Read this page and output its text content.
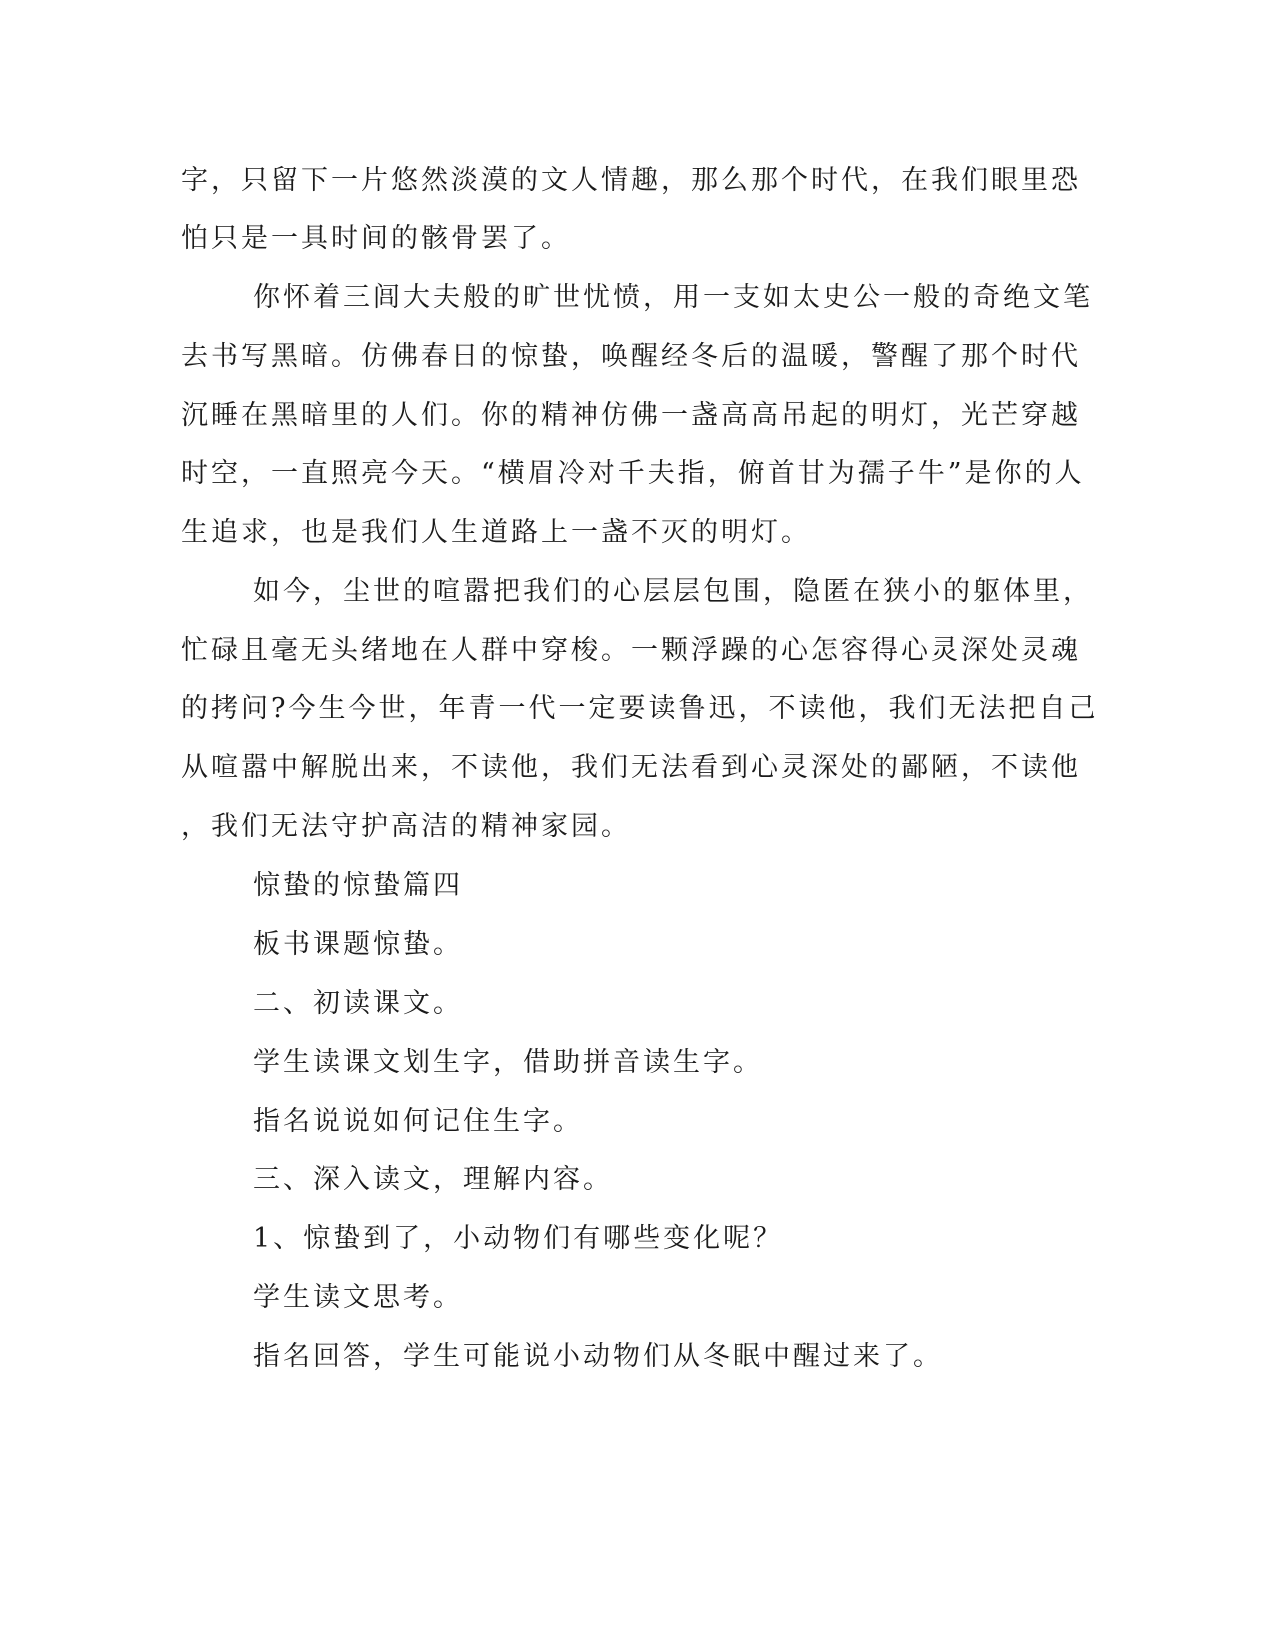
字，只留下一片悠然淡漠的文人情趣，那么那个时代，在我们眼里恐
怕只是一具时间的骸骨罢了。
你怀着三闾大夫般的旷世忧愤，用一支如太史公一般的奇绝文笔
去书写黑暗。仿佛春日的惊蛰，唤醒经冬后的温暖，警醒了那个时代
沉睡在黑暗里的人们。你的精神仿佛一盏高高吊起的明灯，光芒穿越
时空，一直照亮今天。“横眉冷对千夫指，俯首甘为孺子牛”是你的人
生追求，也是我们人生道路上一盏不灭的明灯。
如今，尘世的喧嚣把我们的心层层包围，隐匿在狭小的躯体里，
忙碌且毫无头绪地在人群中穿梭。一颗浮躁的心怎容得心灵深处灵魂
的拷问?今生今世，年青一代一定要读鲁迅，不读他，我们无法把自己
从喧嚣中解脱出来，不读他，我们无法看到心灵深处的鄙陋，不读他
，我们无法守护高洁的精神家园。
惊蛰的惊蛰篇四
板书课题惊蛰。
二、初读课文。
学生读课文划生字，借助拼音读生字。
指名说说如何记住生字。
三、深入读文，理解内容。
1、惊蛰到了，小动物们有哪些变化呢？
学生读文思考。
指名回答，学生可能说小动物们从冬眠中醒过来了。
